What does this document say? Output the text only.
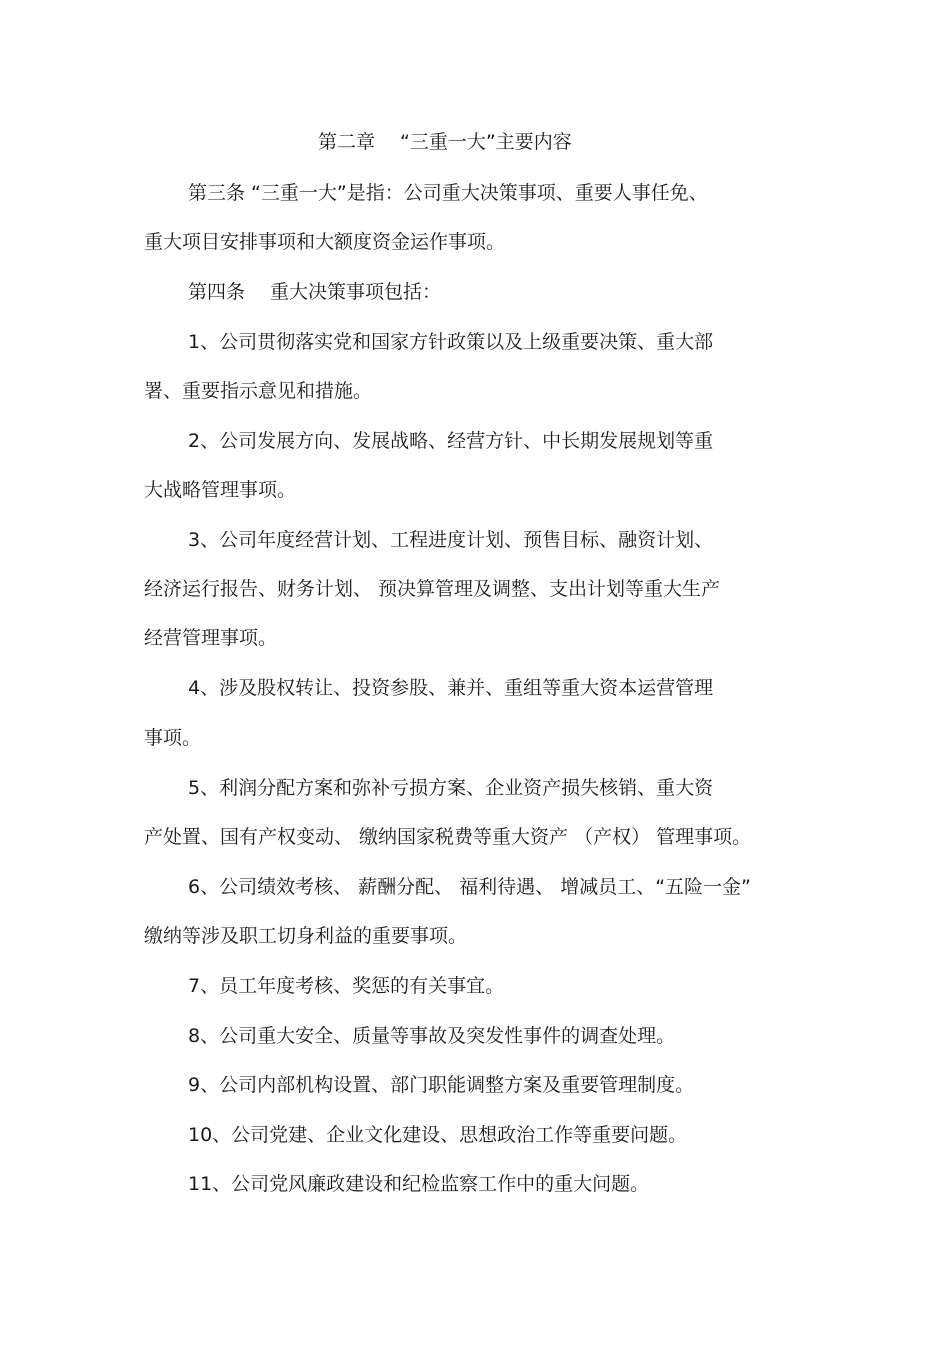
第二章　 “三重一大”主要内容
第三条 “三重一大”是指：公司重大决策事项、重要人事任免、
重大项目安排事项和大额度资金运作事项。
第四条　 重大决策事项包括：
1、公司贯彻落实党和国家方针政策以及上级重要决策、重大部
署、重要指示意见和措施。
2、公司发展方向、发展战略、经营方针、中长期发展规划等重
大战略管理事项。
3、公司年度经营计划、工程进度计划、预售目标、融资计划、
经济运行报告、财务计划、 预决算管理及调整、支出计划等重大生产
经营管理事项。
4、涉及股权转让、投资参股、兼并、重组等重大资本运营管理
事项。
5、利润分配方案和弥补亏损方案、企业资产损失核销、重大资
产处置、国有产权变动、 缴纳国家税费等重大资产 （产权） 管理事项。
6、公司绩效考核、 薪酬分配、 福利待遇、 增减员工、“五险一金”
缴纳等涉及职工切身利益的重要事项。
7、员工年度考核、奖惩的有关事宜。
8、公司重大安全、质量等事故及突发性事件的调查处理。
9、公司内部机构设置、部门职能调整方案及重要管理制度。
10、公司党建、企业文化建设、思想政治工作等重要问题。
11、公司党风廉政建设和纪检监察工作中的重大问题。
